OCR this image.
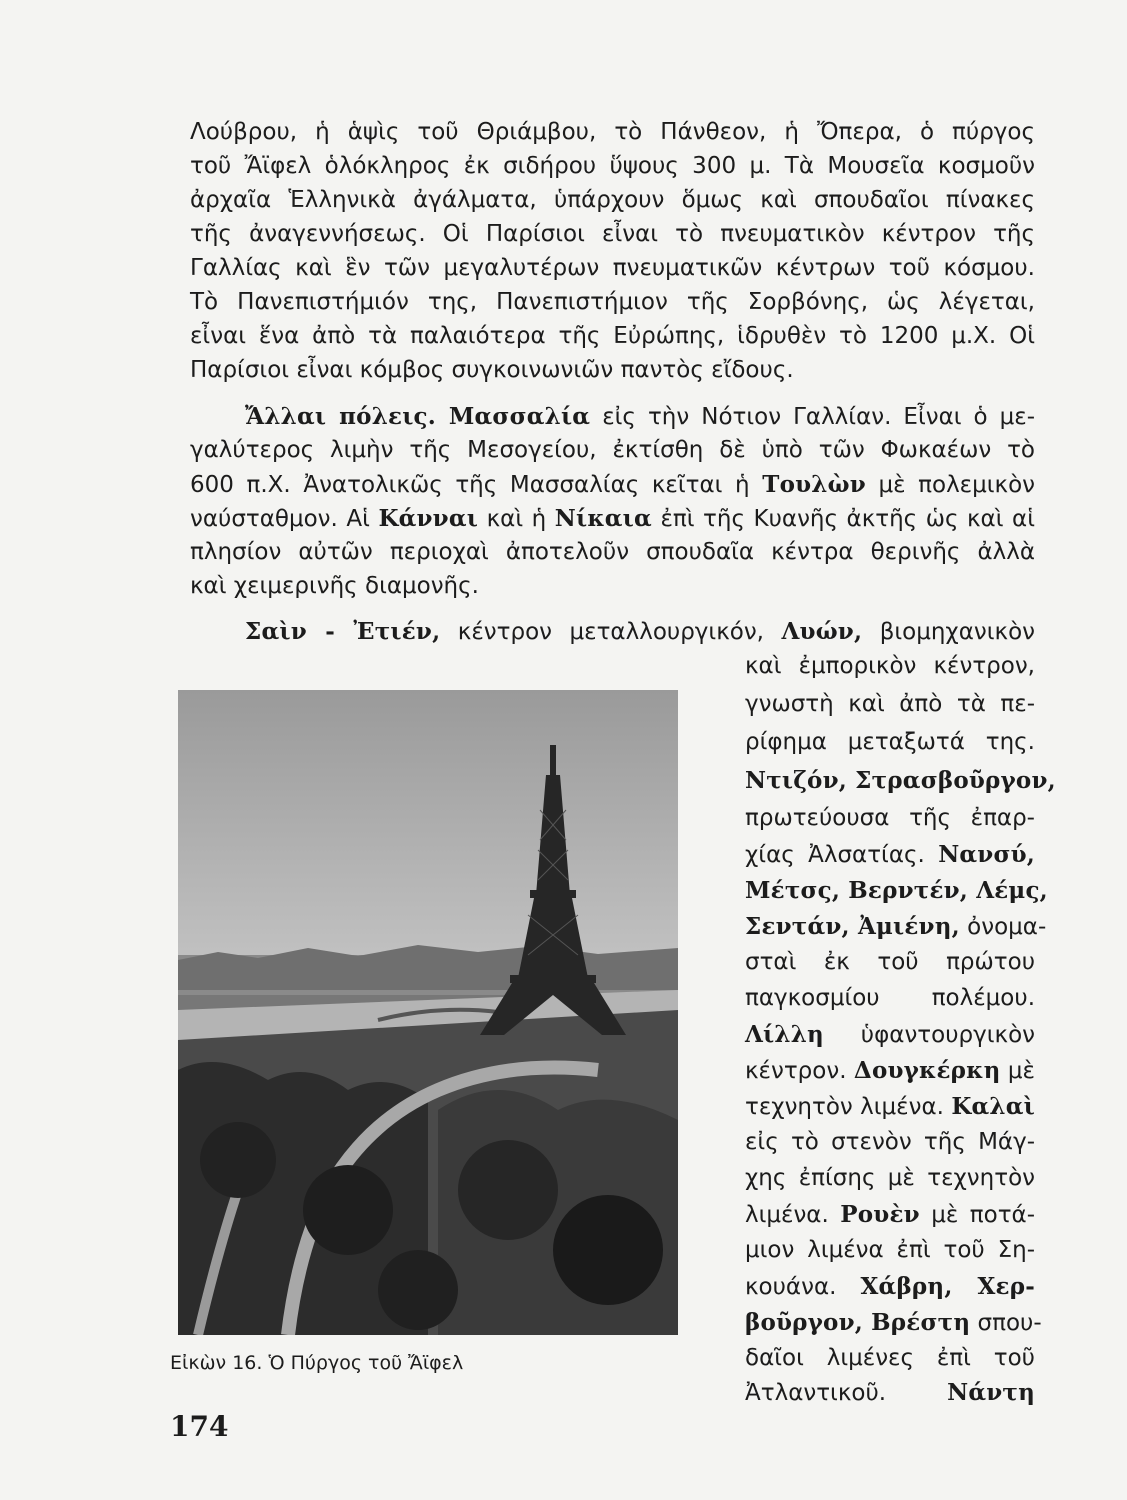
Λούβρου, ἡ ἁψὶς τοῦ Θριάμβου, τὸ Πάνθεον, ἡ Ὄπερα, ὁ πύργος
τοῦ Ἄϊφελ ὁλόκληρος ἐκ σιδήρου ὕψους 300 μ. Τὰ Μουσεῖα κοσμοῦν
ἀρχαῖα Ἑλληνικὰ ἀγάλματα, ὑπάρχουν ὅμως καὶ σπουδαῖοι πίνακες
τῆς ἀναγεννήσεως. Οἱ Παρίσιοι εἶναι τὸ πνευματικὸν κέντρον τῆς
Γαλλίας καὶ ἓν τῶν μεγαλυτέρων πνευματικῶν κέντρων τοῦ κόσμου.
Τὸ Πανεπιστήμιόν της, Πανεπιστήμιον τῆς Σορβόνης, ὡς λέγεται,
εἶναι ἕνα ἀπὸ τὰ παλαιότερα τῆς Εὐρώπης, ἱδρυθὲν τὸ 1200 μ.Χ. Οἱ
Παρίσιοι εἶναι κόμβος συγκοινωνιῶν παντὸς εἴδους.
Ἄλλαι πόλεις. Μασσαλία εἰς τὴν Νότιον Γαλλίαν. Εἶναι ὁ με-
γαλύτερος λιμὴν τῆς Μεσογείου, ἐκτίσθη δὲ ὑπὸ τῶν Φωκαέων τὸ
600 π.Χ. Ἀνατολικῶς τῆς Μασσαλίας κεῖται ἡ Τουλὼν μὲ πολεμικὸν
ναύσταθμον. Αἱ Κάνναι καὶ ἡ Νίκαια ἐπὶ τῆς Κυανῆς ἀκτῆς ὡς καὶ αἱ
πλησίον αὐτῶν περιοχαὶ ἀποτελοῦν σπουδαῖα κέντρα θερινῆς ἀλλὰ
καὶ χειμερινῆς διαμονῆς.
Σαὶν - Ἐτιέν, κέντρον μεταλλουργικόν, Λυών, βιομηχανικὸν
καὶ ἐμπορικὸν κέντρον,
γνωστὴ καὶ ἀπὸ τὰ πε-
ρίφημα μεταξωτά της.
Ντιζόν, Στρασβοῦργον,
πρωτεύουσα τῆς ἐπαρ-
χίας Ἀλσατίας. Νανσύ,
Μέτσς, Βερντέν, Λέμς,
Σεντάν, Ἀμιένη, ὀνομα-
σταὶ ἐκ τοῦ πρώτου
παγκοσμίου πολέμου.
Λίλλη ὑφαντουργικὸν
κέντρον. Δουγκέρκη μὲ
τεχνητὸν λιμένα. Καλαὶ
εἰς τὸ στενὸν τῆς Μάγ-
χης ἐπίσης μὲ τεχνητὸν
λιμένα. Ρουὲν μὲ ποτά-
μιον λιμένα ἐπὶ τοῦ Ση-
κουάνα. Χάβρη, Χερ-
βοῦργον, Βρέστη σπου-
δαῖοι λιμένες ἐπὶ τοῦ
Ἀτλαντικοῦ. Νάντη
Εἰκὼν 16. Ὁ Πύργος τοῦ Ἄϊφελ
174
